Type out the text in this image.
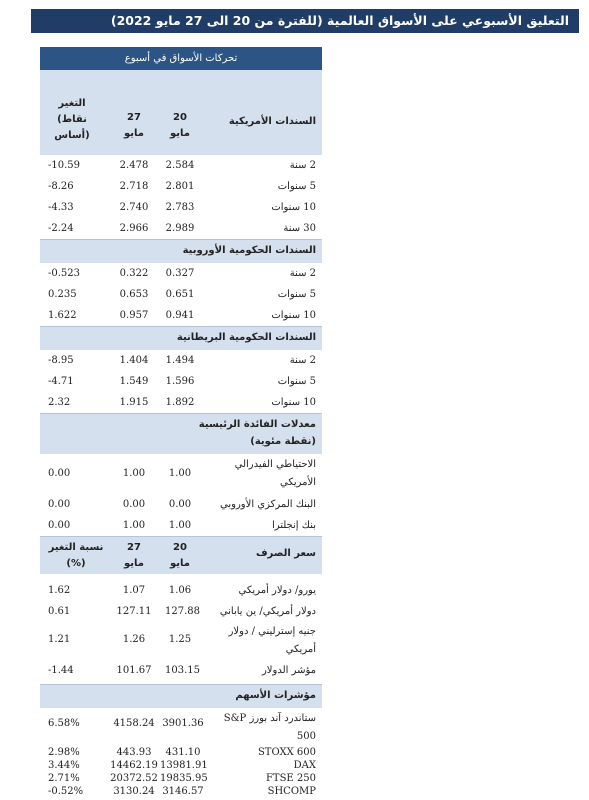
التعليق الأسبوعي على الأسواق العالمية (للفترة من 20 الى 27 مايو 2022)
تحركات الأسواق في أسبوع
السندات الأمريكية
20
مايو
27
مايو
التغير
(نقاط
أساس)
2 سنة
2.584
2.478
-10.59
5 سنوات
2.801
2.718
-8.26
10 سنوات
2.783
2.740
-4.33
30 سنة
2.989
2.966
-2.24
السندات الحكومية الأوروبية
2 سنة
0.327
0.322
-0.523
5 سنوات
0.651
0.653
0.235
10 سنوات
0.941
0.957
1.622
السندات الحكومية البريطانية
2 سنة
1.494
1.404
-8.95
5 سنوات
1.596
1.549
-4.71
10 سنوات
1.892
1.915
2.32
معدلات الفائدة الرئيسية
(نقطة مئوية)
الاحتياطي الفيدرالي
الأمريكي
1.00
1.00
0.00
البنك المركزي الأوروبي
0.00
0.00
0.00
بنك إنجلترا
1.00
1.00
0.00
سعر الصرف
20
مايو
27
مايو
نسبة التغير
(%)
يورو/ دولار أمريكي
1.06
1.07
1.62
دولار أمريكي/ ين ياباني
127.88
127.11
0.61
جنيه إسترليني / دولار
أمريكي
1.25
1.26
1.21
مؤشر الدولار
103.15
101.67
-1.44
مؤشرات الأسهم
ستاندرد آند بورز S&P
500
3901.36
4158.24
6.58%
STOXX 600
431.10
443.93
2.98%
DAX
13981.91
14462.19
3.44%
FTSE 250
19835.95
20372.52
2.71%
SHCOMP
3146.57
3130.24
-0.52%
